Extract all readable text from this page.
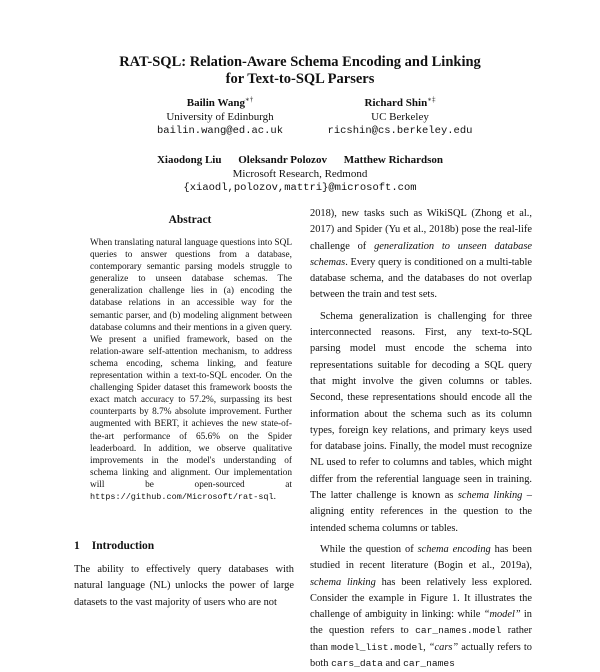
RAT-SQL: Relation-Aware Schema Encoding and Linking
for Text-to-SQL Parsers
Bailin Wang∗†
University of Edinburgh
bailin.wang@ed.ac.uk
Richard Shin∗‡
UC Berkeley
ricshin@cs.berkeley.edu
Xiaodong Liu Oleksandr Polozov Matthew Richardson
Microsoft Research, Redmond
{xiaodl,polozov,mattri}@microsoft.com
Abstract
When translating natural language questions into SQL queries to answer questions from a database, contemporary semantic parsing models struggle to generalize to unseen database schemas. The generalization challenge lies in (a) encoding the database relations in an accessible way for the semantic parser, and (b) modeling alignment between database columns and their mentions in a given query. We present a unified framework, based on the relation-aware self-attention mechanism, to address schema encoding, schema linking, and feature representation within a text-to-SQL encoder. On the challenging Spider dataset this framework boosts the exact match accuracy to 57.2%, surpassing its best counterparts by 8.7% absolute improvement. Further augmented with BERT, it achieves the new state-of-the-art performance of 65.6% on the Spider leaderboard. In addition, we observe qualitative improvements in the model's understanding of schema linking and alignment. Our implementation will be open-sourced at https://github.com/Microsoft/rat-sql.
1 Introduction
The ability to effectively query databases with natural language (NL) unlocks the power of large datasets to the vast majority of users who are not

2018), new tasks such as WikiSQL (Zhong et al., 2017) and Spider (Yu et al., 2018b) pose the real-life challenge of generalization to unseen database schemas. Every query is conditioned on a multi-table database schema, and the databases do not overlap between the train and test sets.

Schema generalization is challenging for three interconnected reasons. First, any text-to-SQL parsing model must encode the schema into representations suitable for decoding a SQL query that might involve the given columns or tables. Second, these representations should encode all the information about the schema such as its column types, foreign key relations, and primary keys used for database joins. Finally, the model must recognize NL used to refer to columns and tables, which might differ from the referential language seen in training. The latter challenge is known as schema linking – aligning entity references in the question to the intended schema columns or tables.

While the question of schema encoding has been studied in recent literature (Bogin et al., 2019a), schema linking has been relatively less explored. Consider the example in Figure 1. It illustrates the challenge of ambiguity in linking: while “model” in the question refers to car_names.model rather than model_list.model, “cars” actually refers to both cars_data and car_names
